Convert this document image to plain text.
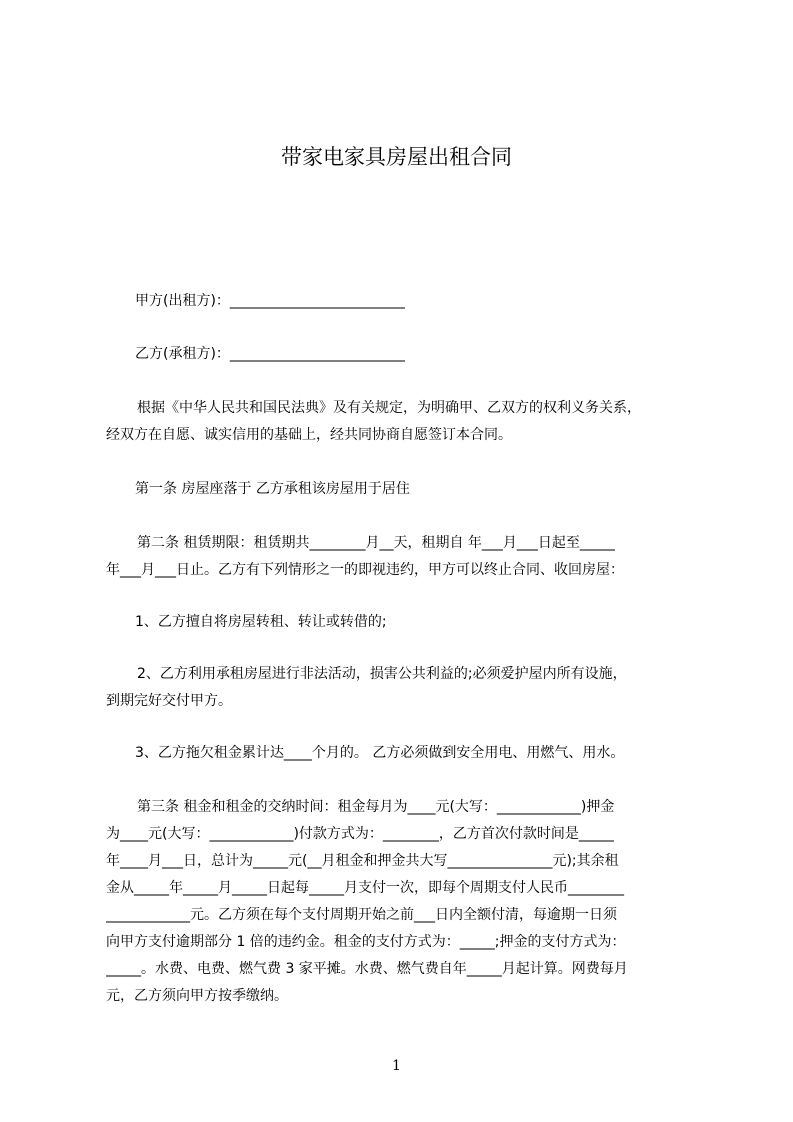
带家电家具房屋出租合同
甲方(出租方)：_________________________
乙方(承租方)：_________________________
根据《中华人民共和国民法典》及有关规定，为明确甲、乙双方的权利义务关系，
经双方在自愿、诚实信用的基础上，经共同协商自愿签订本合同。
第一条 房屋座落于 乙方承租该房屋用于居住
第二条 租赁期限：租赁期共________月__天，租期自 年___月___日起至_____
年___月___日止。乙方有下列情形之一的即视违约，甲方可以终止合同、收回房屋：
1、乙方擅自将房屋转租、转让或转借的;
2、乙方利用承租房屋进行非法活动，损害公共利益的;必须爱护屋内所有设施，
到期完好交付甲方。
3、乙方拖欠租金累计达____个月的。 乙方必须做到安全用电、用燃气、用水。
第三条 租金和租金的交纳时间：租金每月为____元(大写：____________)押金
为____元(大写：____________)付款方式为：________，乙方首次付款时间是_____
年____月___日，总计为_____元(__月租金和押金共大写_______________元);其余租
金从_____年_____月_____日起每_____月支付一次，即每个周期支付人民币________
____________元。乙方须在每个支付周期开始之前___日内全额付清，每逾期一日须
向甲方支付逾期部分 1 倍的违约金。租金的支付方式为：_____;押金的支付方式为：
_____。水费、电费、燃气费 3 家平摊。水费、燃气费自年_____月起计算。网费每月
元，乙方须向甲方按季缴纳。
1
